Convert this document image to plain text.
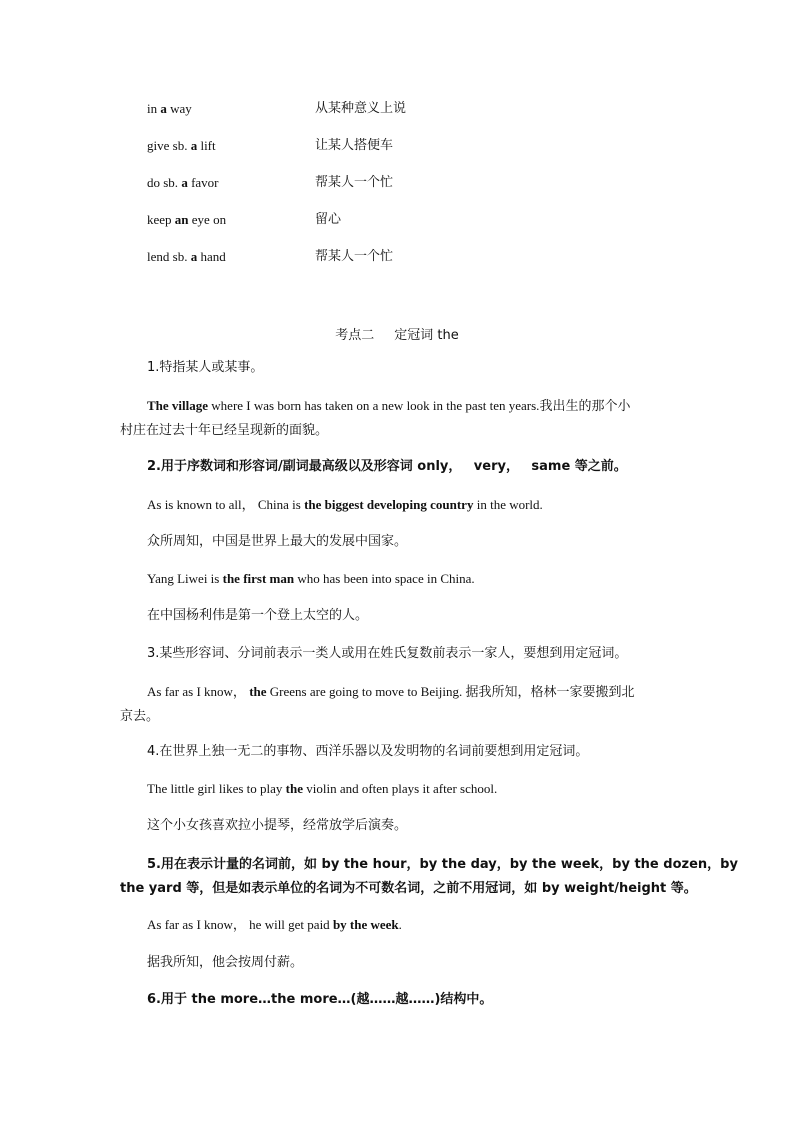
in a way	从某种意义上说
give sb. a lift	让某人搭便车
do sb. a favor	帮某人一个忙
keep an eye on	留心
lend sb. a hand	帮某人一个忙
考点二 定冠词 the
1.特指某人或某事。
The village where I was born has taken on a new look in the past ten years.我出生的那个小
村庄在过去十年已经呈现新的面貌。
2.用于序数词和形容词/副词最高级以及形容词 only， very， same 等之前。
As is known to all， China is the biggest developing country in the world.
众所周知，中国是世界上最大的发展中国家。
Yang Liwei is the first man who has been into space in China.
在中国杨利伟是第一个登上太空的人。
3.某些形容词、分词前表示一类人或用在姓氏复数前表示一家人，要想到用定冠词。
As far as I know， the Greens are going to move to Beijing. 据我所知，格林一家要搬到北
京去。
4.在世界上独一无二的事物、西洋乐器以及发明物的名词前要想到用定冠词。
The little girl likes to play the violin and often plays it after school.
这个小女孩喜欢拉小提琴，经常放学后演奏。
5.用在表示计量的名词前，如 by the hour，by the day，by the week，by the dozen，by
the yard 等，但是如表示单位的名词为不可数名词，之前不用冠词，如 by weight/height 等。
As far as I know， he will get paid by the week.
据我所知，他会按周付薪。
6.用于 the more…the more…(越……越……)结构中。
